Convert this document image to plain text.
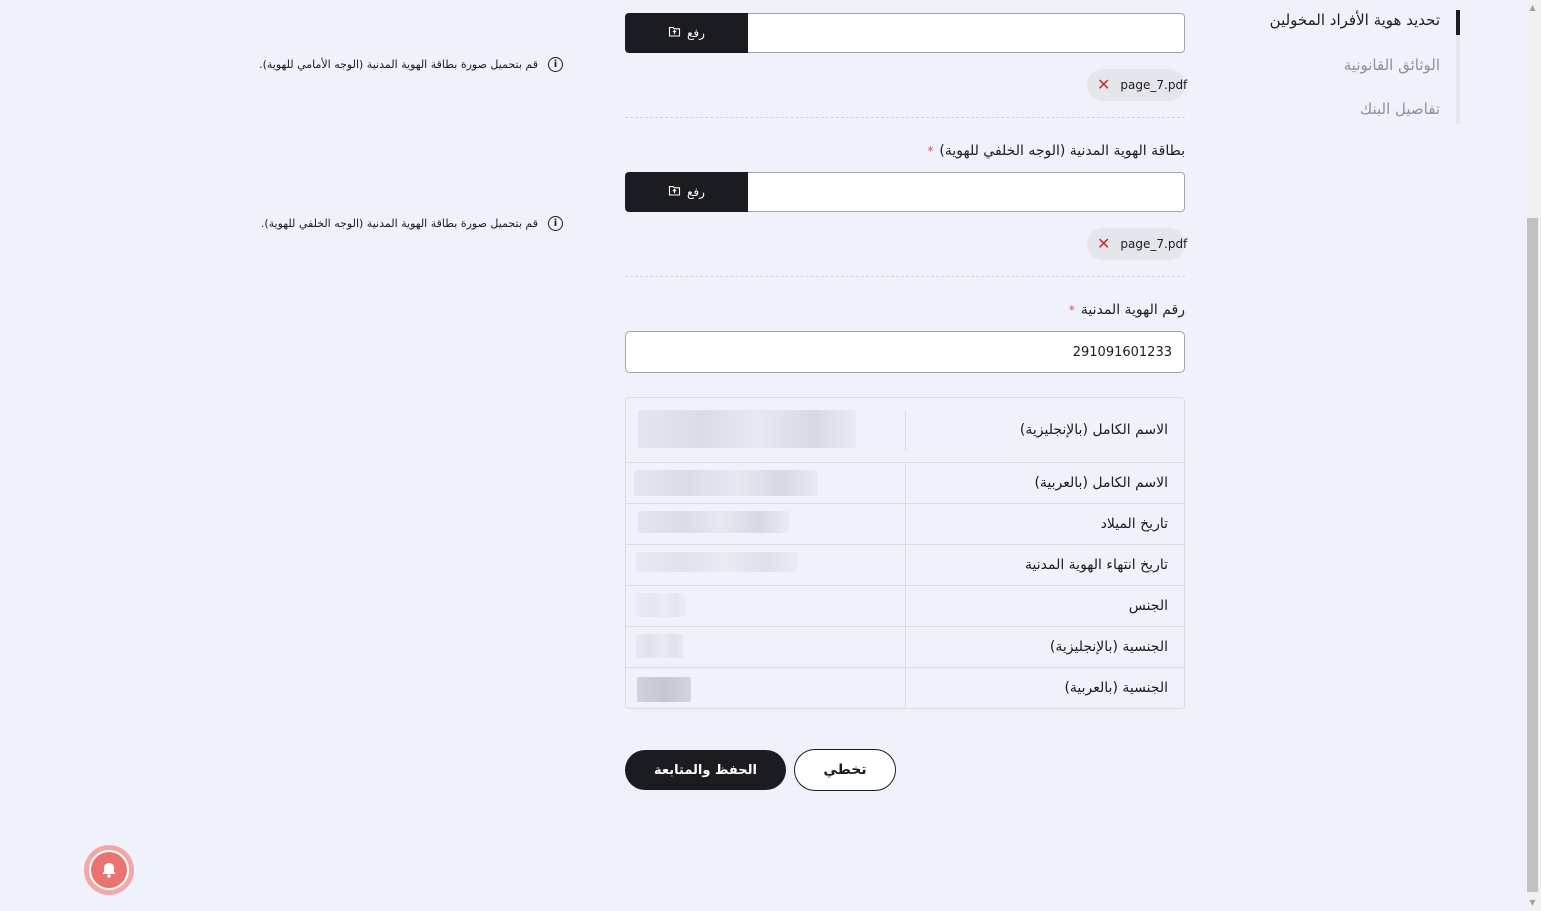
تحديد هوية الأفراد المخولين
الوثائق القانونية
تفاصيل البنك
رفع
✕ page_7.pdf
i
قم بتحميل صورة بطاقة الهوية المدنية (الوجه الأمامي للهوية).
بطاقة الهوية المدنية (الوجه الخلفي للهوية)*
رفع
✕ page_7.pdf
i
قم بتحميل صورة بطاقة الهوية المدنية (الوجه الخلفي للهوية).
رقم الهوية المدنية*
291091601233
الاسم الكامل (بالإنجليزية)
الاسم الكامل (بالعربية)
تاريخ الميلاد
تاريخ انتهاء الهوية المدنية
الجنس
الجنسية (بالإنجليزية)
الجنسية (بالعربية)
الحفظ والمتابعة	تخطي
▲
▼
